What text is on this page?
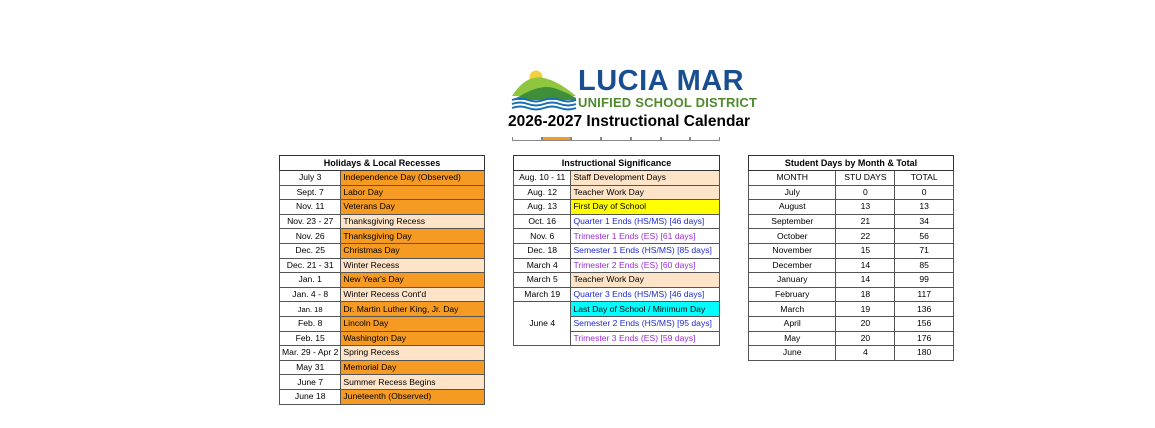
LUCIA MAR
UNIFIED SCHOOL DISTRICT
2026-2027 Instructional Calendar
Holidays & Local Recesses	
July 3	Independence Day (Observed)
Sept. 7	Labor Day
Nov. 11	Veterans Day
Nov. 23 - 27	Thanksgiving Recess
Nov. 26	Thanksgiving Day
Dec. 25	Christmas Day
Dec. 21 - 31	Winter Recess
Jan. 1	New Year's Day
Jan. 4 - 8	Winter Recess Cont'd
Jan. 18	Dr. Martin Luther King, Jr. Day
Feb. 8	Lincoln Day
Feb. 15	Washington Day
Mar. 29 - Apr 2	Spring Recess
May 31	Memorial Day
June 7	Summer Recess Begins
June 18	Juneteenth (Observed)
Instructional Significance	
Aug. 10 - 11	Staff Development Days
Aug. 12	Teacher Work Day
Aug. 13	First Day of School
Oct. 16	Quarter 1 Ends (HS/MS) [46 days]
Nov. 6	Trimester 1 Ends (ES) [61 days]
Dec. 18	Semester 1 Ends (HS/MS) [85 days]
March 4	Trimester 2 Ends (ES) [60 days]
March 5	Teacher Work Day
March 19	Quarter 3 Ends (HS/MS) [46 days]
June 4	Last Day of School / Minimum Day
	Semester 2 Ends (HS/MS) [95 days]
	Trimester 3 Ends (ES) [59 days]
Student Days by Month & Total		
MONTH	STU DAYS	TOTAL
July	0	0
August	13	13
September	21	34
October	22	56
November	15	71
December	14	85
January	14	99
February	18	117
March	19	136
April	20	156
May	20	176
June	4	180
